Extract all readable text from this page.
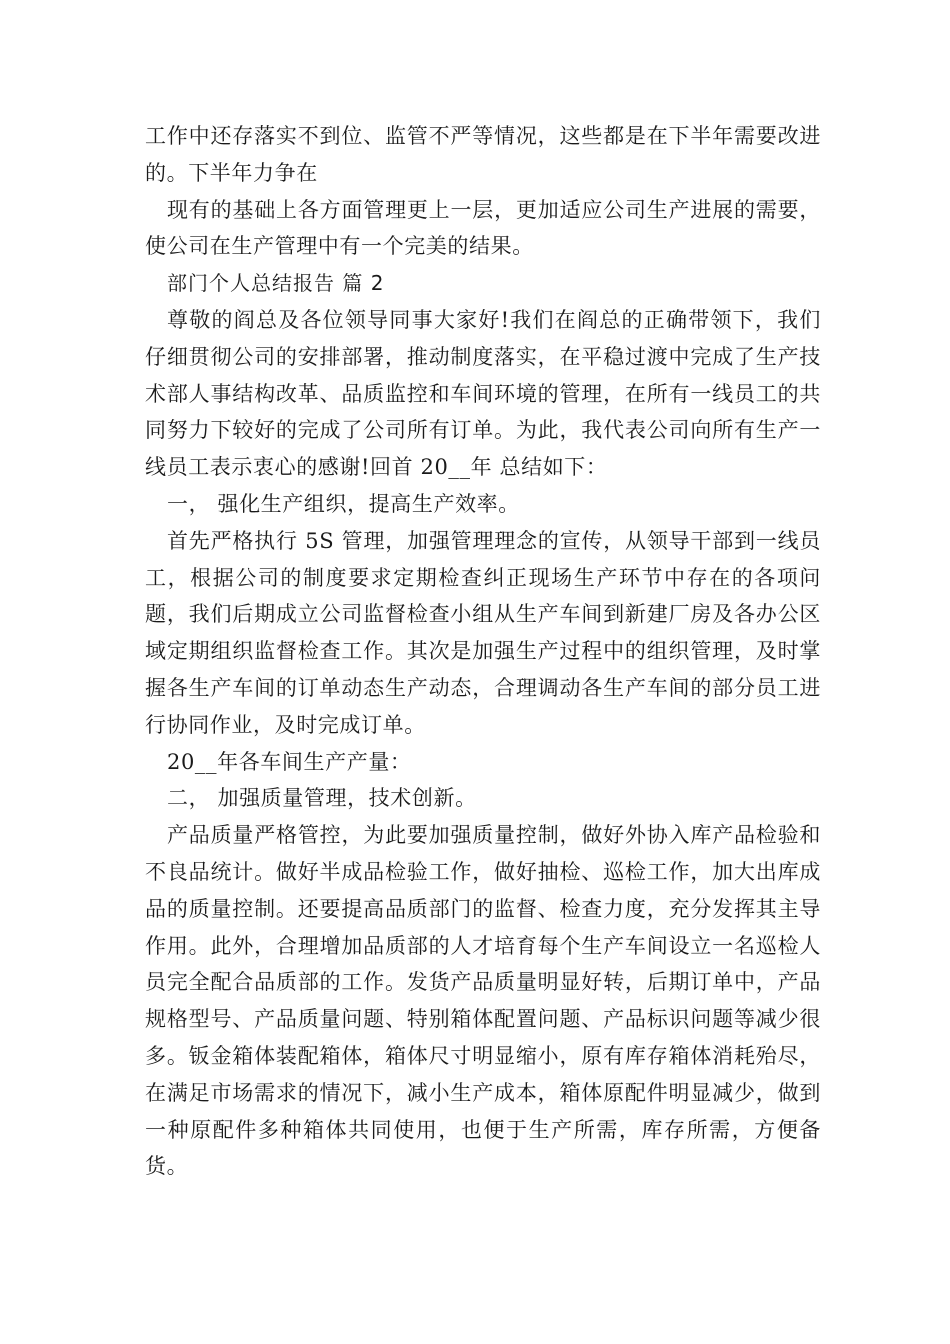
工作中还存落实不到位、监管不严等情况，这些都是在下半年需要改进的。下半年力争在

现有的基础上各方面管理更上一层，更加适应公司生产进展的需要，使公司在生产管理中有一个完美的结果。

部门个人总结报告 篇 2

尊敬的阎总及各位领导同事大家好!我们在阎总的正确带领下，我们仔细贯彻公司的安排部署，推动制度落实，在平稳过渡中完成了生产技术部人事结构改革、品质监控和车间环境的管理，在所有一线员工的共同努力下较好的完成了公司所有订单。为此，我代表公司向所有生产一线员工表示衷心的感谢!回首 20__年 总结如下：

一， 强化生产组织，提高生产效率。

首先严格执行 5S 管理，加强管理理念的宣传，从领导干部到一线员工，根据公司的制度要求定期检查纠正现场生产环节中存在的各项问题，我们后期成立公司监督检查小组从生产车间到新建厂房及各办公区域定期组织监督检查工作。其次是加强生产过程中的组织管理，及时掌握各生产车间的订单动态生产动态，合理调动各生产车间的部分员工进行协同作业，及时完成订单。

20__年各车间生产产量：

二， 加强质量管理，技术创新。

产品质量严格管控，为此要加强质量控制，做好外协入库产品检验和不良品统计。做好半成品检验工作，做好抽检、巡检工作，加大出库成品的质量控制。还要提高品质部门的监督、检查力度，充分发挥其主导作用。此外，合理增加品质部的人才培育每个生产车间设立一名巡检人员完全配合品质部的工作。发货产品质量明显好转，后期订单中，产品规格型号、产品质量问题、特别箱体配置问题、产品标识问题等减少很多。钣金箱体装配箱体，箱体尺寸明显缩小，原有库存箱体消耗殆尽，在满足市场需求的情况下，减小生产成本，箱体原配件明显减少，做到一种原配件多种箱体共同使用，也便于生产所需，库存所需，方便备货。
